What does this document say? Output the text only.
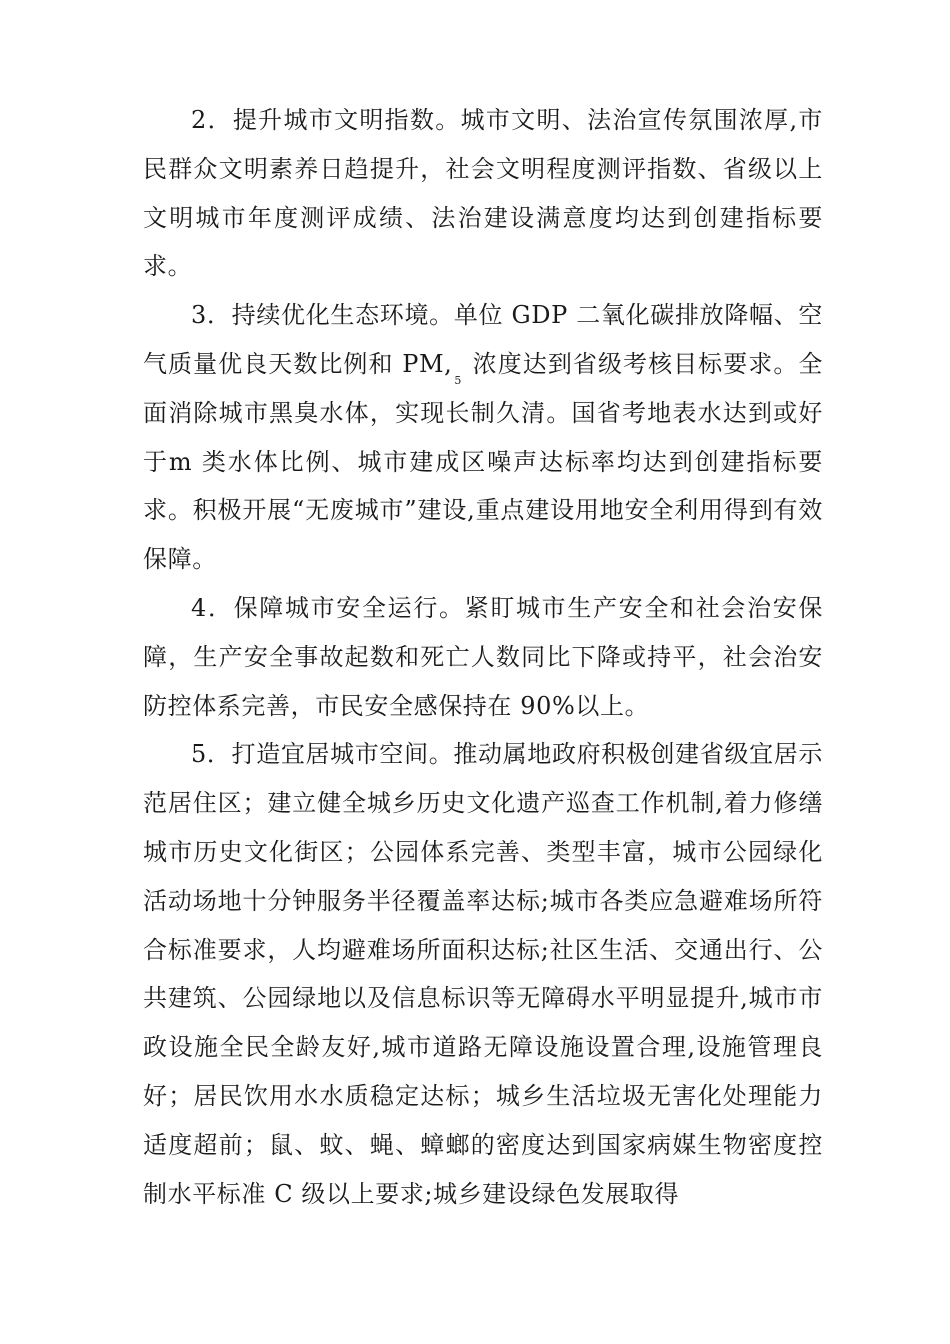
2．提升城市文明指数。城市文明、法治宣传氛围浓厚,市民群众文明素养日趋提升，社会文明程度测评指数、省级以上文明城市年度测评成绩、法治建设满意度均达到创建指标要求。

3．持续优化生态环境。单位 GDP 二氧化碳排放降幅、空气质量优良天数比例和 $PM,_5$ 浓度达到省级考核目标要求。全面消除城市黑臭水体，实现长制久清。国省考地表水达到或好于m 类水体比例、城市建成区噪声达标率均达到创建指标要求。积极开展“无废城市”建设,重点建设用地安全利用得到有效保障。

4．保障城市安全运行。紧盯城市生产安全和社会治安保障，生产安全事故起数和死亡人数同比下降或持平，社会治安防控体系完善，市民安全感保持在 90%以上。

5．打造宜居城市空间。推动属地政府积极创建省级宜居示范居住区；建立健全城乡历史文化遗产巡查工作机制,着力修缮城市历史文化街区；公园体系完善、类型丰富，城市公园绿化活动场地十分钟服务半径覆盖率达标;城市各类应急避难场所符合标准要求，人均避难场所面积达标;社区生活、交通出行、公共建筑、公园绿地以及信息标识等无障碍水平明显提升,城市市政设施全民全龄友好,城市道路无障设施设置合理,设施管理良好；居民饮用水水质稳定达标；城乡生活垃圾无害化处理能力适度超前；鼠、蚊、蝇、蟑螂的密度达到国家病媒生物密度控制水平标准 C 级以上要求;城乡建设绿色发展取得
